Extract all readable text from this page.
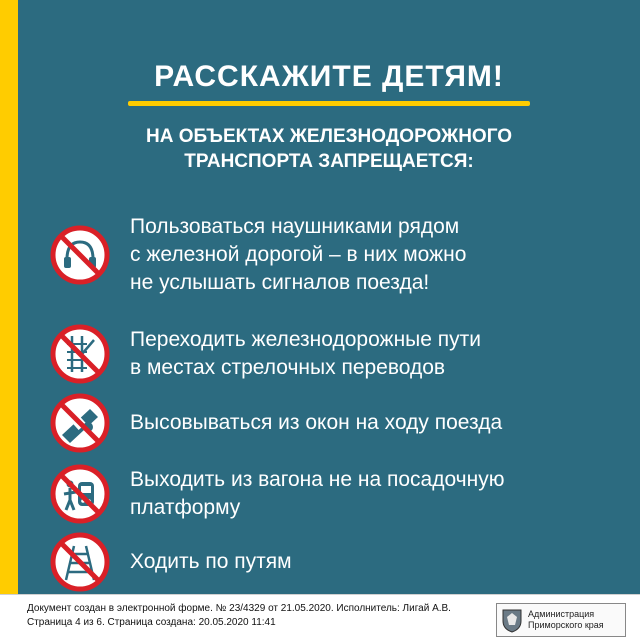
РАССКАЖИТЕ ДЕТЯМ!
НА ОБЪЕКТАХ ЖЕЛЕЗНОДОРОЖНОГО
ТРАНСПОРТА ЗАПРЕЩАЕТСЯ:
Пользоваться наушниками рядом
с железной дорогой – в них можно
не услышать сигналов поезда!
Переходить железнодорожные пути
в местах стрелочных переводов
Высовываться из окон на ходу поезда
Выходить из вагона не на посадочную
платформу
Ходить по путям
Документ создан в электронной форме. № 23/4329 от 21.05.2020. Исполнитель: Лигай А.В.
Страница 4 из 6. Страница создана: 20.05.2020 11:41
Администрация
Приморского края
